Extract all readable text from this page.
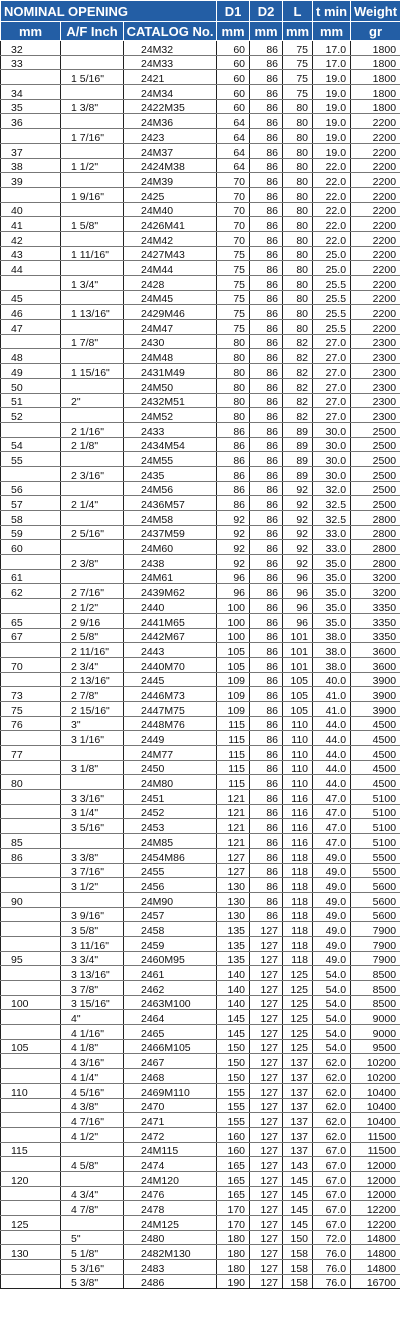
NOMINAL OPENING			D1	D2	L	t min	Weight
mm	A/F Inch	CATALOG No.	mm	mm	mm	mm	gr
32		24M32	60	86	75	17.0	1800
33		24M33	60	86	75	17.0	1800
	1 5/16"	2421	60	86	75	19.0	1800
34		24M34	60	86	75	19.0	1800
35	1 3/8"	2422M35	60	86	80	19.0	1800
36		24M36	64	86	80	19.0	2200
	1 7/16"	2423	64	86	80	19.0	2200
37		24M37	64	86	80	19.0	2200
38	1 1/2"	2424M38	64	86	80	22.0	2200
39		24M39	70	86	80	22.0	2200
	1 9/16"	2425	70	86	80	22.0	2200
40		24M40	70	86	80	22.0	2200
41	1 5/8"	2426M41	70	86	80	22.0	2200
42		24M42	70	86	80	22.0	2200
43	1 11/16"	2427M43	75	86	80	25.0	2200
44		24M44	75	86	80	25.0	2200
	1 3/4"	2428	75	86	80	25.5	2200
45		24M45	75	86	80	25.5	2200
46	1 13/16"	2429M46	75	86	80	25.5	2200
47		24M47	75	86	80	25.5	2200
	1 7/8"	2430	80	86	82	27.0	2300
48		24M48	80	86	82	27.0	2300
49	1 15/16"	2431M49	80	86	82	27.0	2300
50		24M50	80	86	82	27.0	2300
51	2"	2432M51	80	86	82	27.0	2300
52		24M52	80	86	82	27.0	2300
	2 1/16"	2433	86	86	89	30.0	2500
54	2 1/8"	2434M54	86	86	89	30.0	2500
55		24M55	86	86	89	30.0	2500
	2 3/16"	2435	86	86	89	30.0	2500
56		24M56	86	86	92	32.0	2500
57	2 1/4"	2436M57	86	86	92	32.5	2500
58		24M58	92	86	92	32.5	2800
59	2 5/16"	2437M59	92	86	92	33.0	2800
60		24M60	92	86	92	33.0	2800
	2 3/8"	2438	92	86	92	35.0	2800
61		24M61	96	86	96	35.0	3200
62	2 7/16"	2439M62	96	86	96	35.0	3200
	2 1/2"	2440	100	86	96	35.0	3350
65	2 9/16	2441M65	100	86	96	35.0	3350
67	2 5/8"	2442M67	100	86	101	38.0	3350
	2 11/16"	2443	105	86	101	38.0	3600
70	2 3/4"	2440M70	105	86	101	38.0	3600
	2 13/16"	2445	109	86	105	40.0	3900
73	2 7/8"	2446M73	109	86	105	41.0	3900
75	2 15/16"	2447M75	109	86	105	41.0	3900
76	3"	2448M76	115	86	110	44.0	4500
	3 1/16"	2449	115	86	110	44.0	4500
77		24M77	115	86	110	44.0	4500
	3 1/8"	2450	115	86	110	44.0	4500
80		24M80	115	86	110	44.0	4500
	3 3/16"	2451	121	86	116	47.0	5100
	3 1/4"	2452	121	86	116	47.0	5100
	3 5/16"	2453	121	86	116	47.0	5100
85		24M85	121	86	116	47.0	5100
86	3 3/8"	2454M86	127	86	118	49.0	5500
	3 7/16"	2455	127	86	118	49.0	5500
	3 1/2"	2456	130	86	118	49.0	5600
90		24M90	130	86	118	49.0	5600
	3 9/16"	2457	130	86	118	49.0	5600
	3 5/8"	2458	135	127	118	49.0	7900
	3 11/16"	2459	135	127	118	49.0	7900
95	3 3/4"	2460M95	135	127	118	49.0	7900
	3 13/16"	2461	140	127	125	54.0	8500
	3 7/8"	2462	140	127	125	54.0	8500
100	3 15/16"	2463M100	140	127	125	54.0	8500
	4"	2464	145	127	125	54.0	9000
	4 1/16"	2465	145	127	125	54.0	9000
105	4 1/8"	2466M105	150	127	125	54.0	9500
	4 3/16"	2467	150	127	137	62.0	10200
	4 1/4"	2468	150	127	137	62.0	10200
110	4 5/16"	2469M110	155	127	137	62.0	10400
	4 3/8"	2470	155	127	137	62.0	10400
	4 7/16"	2471	155	127	137	62.0	10400
	4 1/2"	2472	160	127	137	62.0	11500
115		24M115	160	127	137	67.0	11500
	4 5/8"	2474	165	127	143	67.0	12000
120		24M120	165	127	145	67.0	12000
	4 3/4"	2476	165	127	145	67.0	12000
	4 7/8"	2478	170	127	145	67.0	12200
125		24M125	170	127	145	67.0	12200
	5"	2480	180	127	150	72.0	14800
130	5 1/8"	2482M130	180	127	158	76.0	14800
	5 3/16"	2483	180	127	158	76.0	14800
	5 3/8"	2486	190	127	158	76.0	16700
